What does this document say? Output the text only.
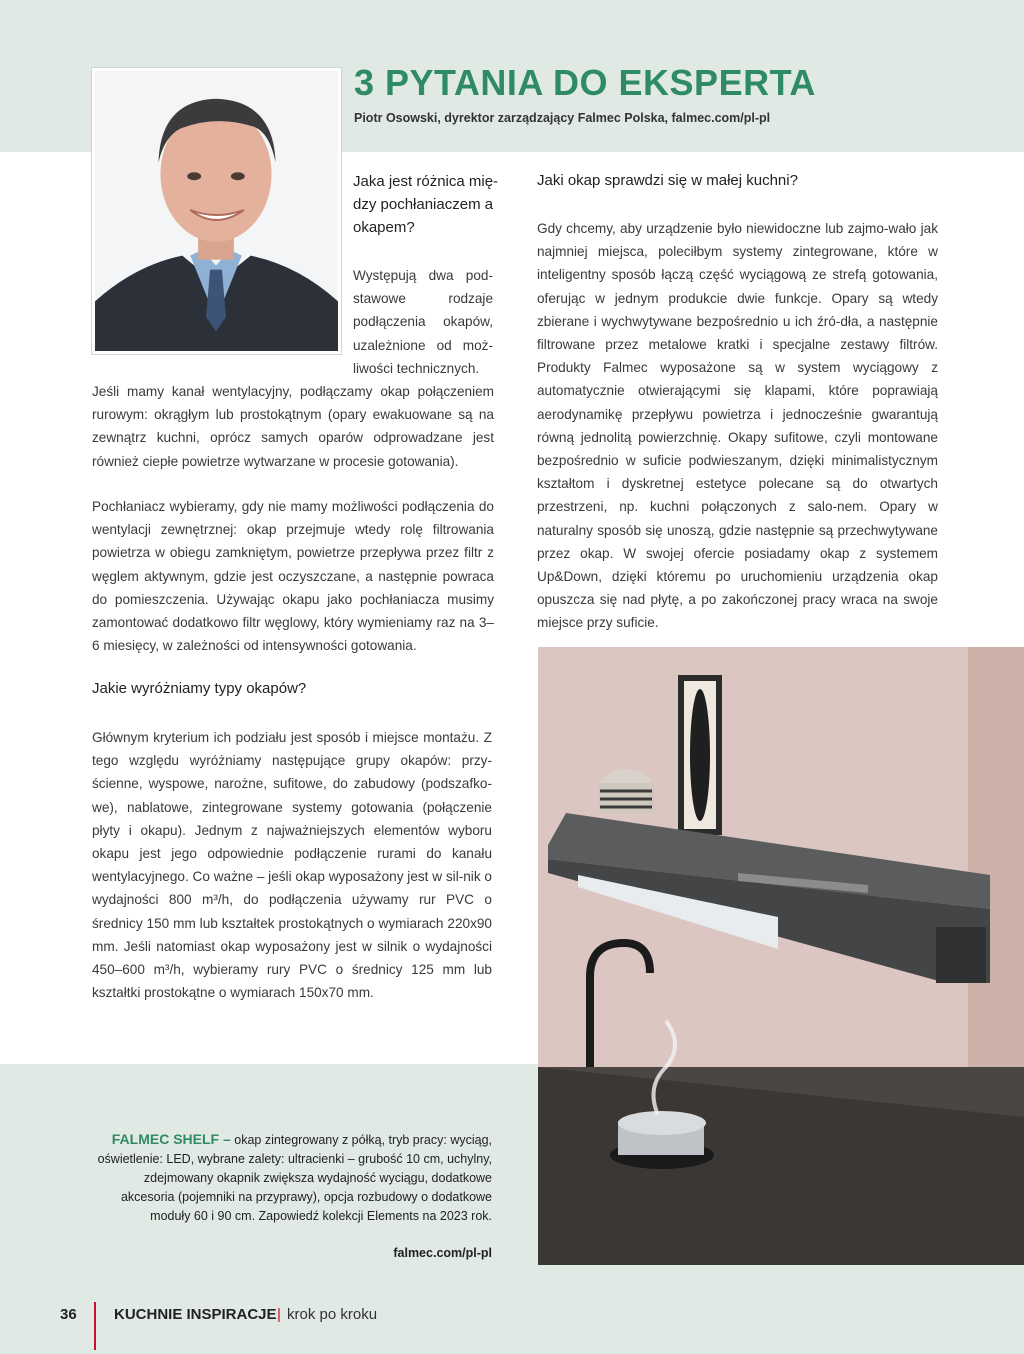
3 PYTANIA DO EKSPERTA
Piotr Osowski, dyrektor zarządzający Falmec Polska, falmec.com/pl-pl

Jaka jest różnica mię-dzy pochłaniaczem a okapem?

Występują dwa pod-stawowe rodzaje podłączenia okapów, uzależnione od moż-liwości technicznych.

Jeśli mamy kanał wentylacyjny, podłączamy okap połączeniem rurowym: okrągłym lub prostokątnym (opary ewakuowane są na zewnątrz kuchni, oprócz samych oparów odprowadzane jest również ciepłe powietrze wytwarzane w procesie gotowania).

Pochłaniacz wybieramy, gdy nie mamy możliwości podłączenia do wentylacji zewnętrznej: okap przejmuje wtedy rolę filtrowania powietrza w obiegu zamkniętym, powietrze przepływa przez filtr z węglem aktywnym, gdzie jest oczyszczane, a następnie powraca do pomieszczenia. Używając okapu jako pochłaniacza musimy zamontować dodatkowo filtr węglowy, który wymieniamy raz na 3–6 miesięcy, w zależności od intensywności gotowania.

Jakie wyróżniamy typy okapów?

Głównym kryterium ich podziału jest sposób i miejsce montażu. Z tego względu wyróżniamy następujące grupy okapów: przy-ścienne, wyspowe, narożne, sufitowe, do zabudowy (podszafko-we), nablatowe, zintegrowane systemy gotowania (połączenie płyty i okapu). Jednym z najważniejszych elementów wyboru okapu jest jego odpowiednie podłączenie rurami do kanału wentylacyjnego. Co ważne – jeśli okap wyposażony jest w sil-nik o wydajności 800 m³/h, do podłączenia używamy rur PVC o średnicy 150 mm lub kształtek prostokątnych o wymiarach 220x90 mm. Jeśli natomiast okap wyposażony jest w silnik o wydajności 450–600 m³/h, wybieramy rury PVC o średnicy 125 mm lub kształtki prostokątne o wymiarach 150x70 mm.

Jaki okap sprawdzi się w małej kuchni?

Gdy chcemy, aby urządzenie było niewidoczne lub zajmo-wało jak najmniej miejsca, poleciłbym systemy zintegrowane, które w inteligentny sposób łączą część wyciągową ze strefą gotowania, oferując w jednym produkcie dwie funkcje. Opary są wtedy zbierane i wychwytywane bezpośrednio u ich źró-dła, a następnie filtrowane przez metalowe kratki i specjalne zestawy filtrów. Produkty Falmec wyposażone są w system wyciągowy z automatycznie otwierającymi się klapami, które poprawiają aerodynamikę przepływu powietrza i jednocześnie gwarantują równą jednolitą powierzchnię. Okapy sufitowe, czyli montowane bezpośrednio w suficie podwieszanym, dzięki minimalistycznym kształtom i dyskretnej estetyce polecane są do otwartych przestrzeni, np. kuchni połączonych z salo-nem. Opary w naturalny sposób się unoszą, gdzie następnie są przechwytywane przez okap. W swojej ofercie posiadamy okap z systemem Up&Down, dzięki któremu po uruchomieniu urządzenia okap opuszcza się nad płytę, a po zakończonej pracy wraca na swoje miejsce przy suficie.

FALMEC SHELF – okap zintegrowany z półką, tryb pracy: wyciąg, oświetlenie: LED, wybrane zalety: ultracienki – grubość 10 cm, uchylny, zdejmowany okapnik zwiększa wydajność wyciągu, dodatkowe akcesoria (pojemniki na przyprawy), opcja rozbudowy o dodatkowe moduły 60 i 90 cm. Zapowiedź kolekcji Elements na 2023 rok.

falmec.com/pl-pl
36 KUCHNIE INSPIRACJE | krok po kroku
